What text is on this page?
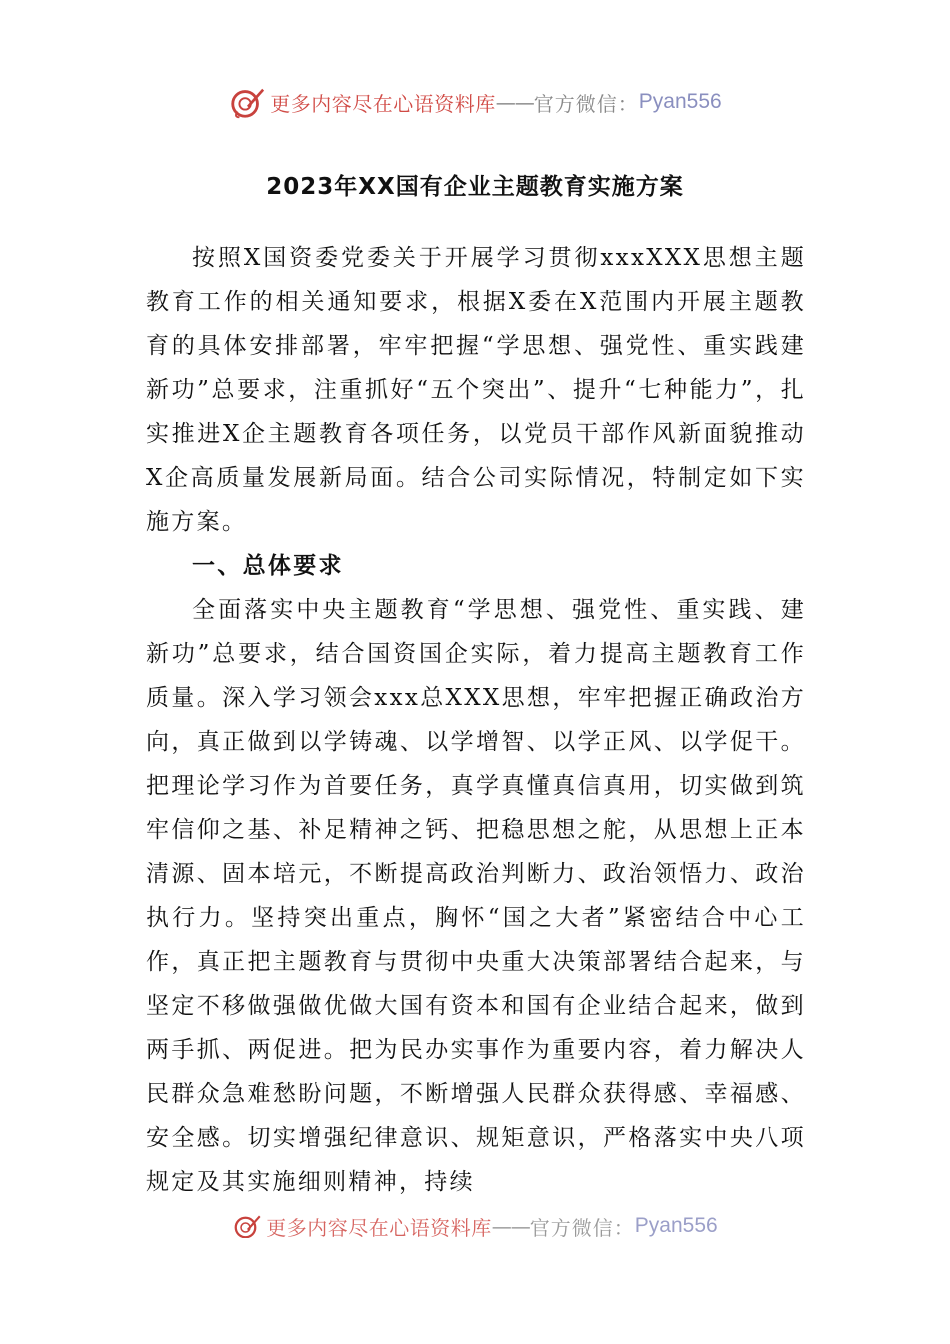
更多内容尽在心语资料库 —— 官方微信： Pyan556
2023年XX国有企业主题教育实施方案

按照X国资委党委关于开展学习贯彻xxxXXX思想主题教育工作的相关通知要求，根据X委在X范围内开展主题教育的具体安排部署，牢牢把握“学思想、强党性、重实践建新功”总要求，注重抓好“五个突出”、提升“七种能力”，扎实推进X企主题教育各项任务，以党员干部作风新面貌推动X企高质量发展新局面。结合公司实际情况，特制定如下实施方案。

一、总体要求

全面落实中央主题教育“学思想、强党性、重实践、建新功”总要求，结合国资国企实际，着力提高主题教育工作质量。深入学习领会xxx总XXX思想，牢牢把握正确政治方向，真正做到以学铸魂、以学增智、以学正风、以学促干。把理论学习作为首要任务，真学真懂真信真用，切实做到筑牢信仰之基、补足精神之钙、把稳思想之舵，从思想上正本清源、固本培元，不断提高政治判断力、政治领悟力、政治执行力。坚持突出重点，胸怀“国之大者”紧密结合中心工作，真正把主题教育与贯彻中央重大决策部署结合起来，与坚定不移做强做优做大国有资本和国有企业结合起来，做到两手抓、两促进。把为民办实事作为重要内容，着力解决人民群众急难愁盼问题，不断增强人民群众获得感、幸福感、安全感。切实增强纪律意识、规矩意识，严格落实中央八项规定及其实施细则精神，持续

更多内容尽在心语资料库 —— 官方微信： Pyan556
